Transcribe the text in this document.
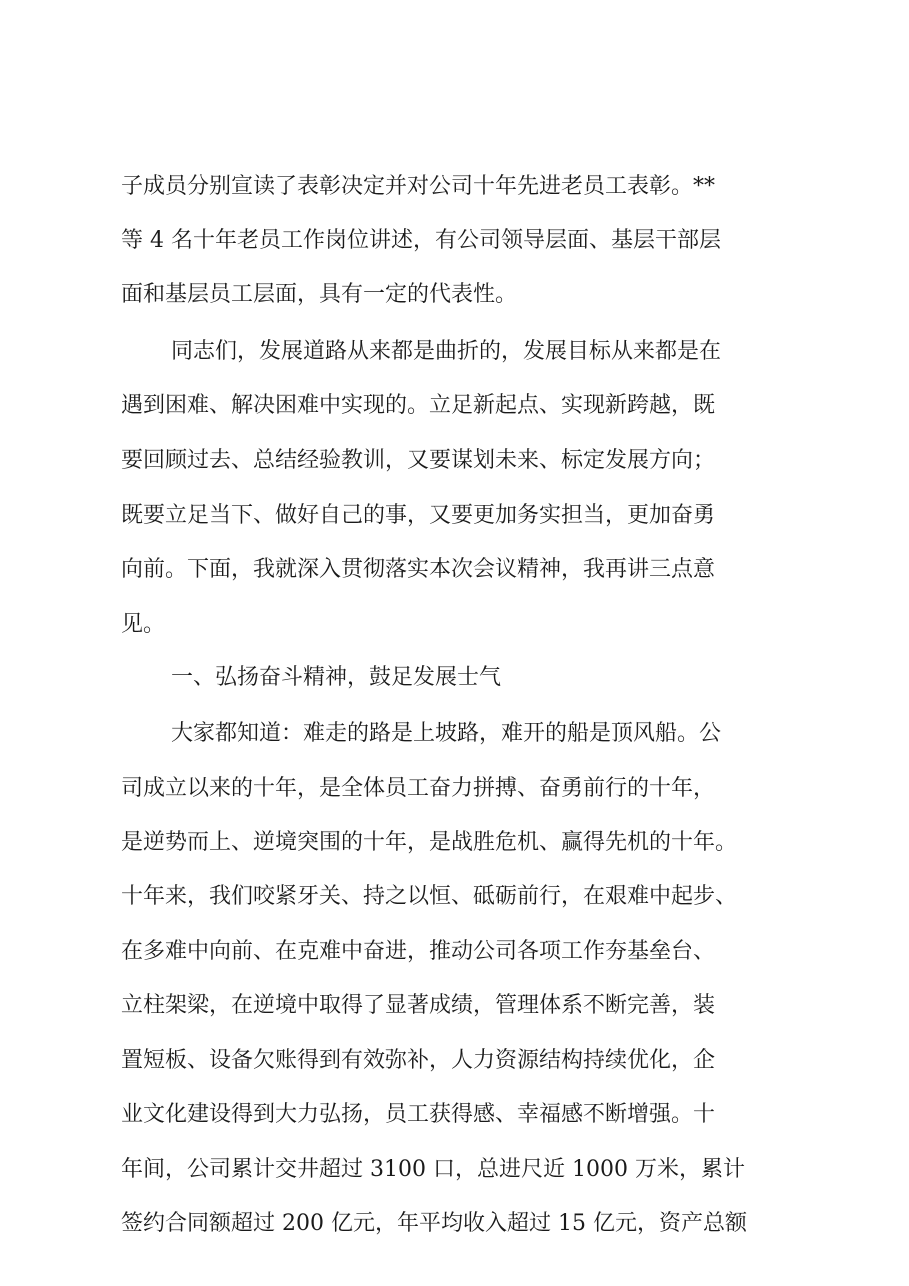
子成员分别宣读了表彰决定并对公司十年先进老员工表彰。**
等 4 名十年老员工作岗位讲述，有公司领导层面、基层干部层
面和基层员工层面，具有一定的代表性。
同志们，发展道路从来都是曲折的，发展目标从来都是在
遇到困难、解决困难中实现的。立足新起点、实现新跨越，既
要回顾过去、总结经验教训，又要谋划未来、标定发展方向；
既要立足当下、做好自己的事，又要更加务实担当，更加奋勇
向前。下面，我就深入贯彻落实本次会议精神，我再讲三点意
见。
一、弘扬奋斗精神，鼓足发展士气
大家都知道：难走的路是上坡路，难开的船是顶风船。公
司成立以来的十年，是全体员工奋力拼搏、奋勇前行的十年，
是逆势而上、逆境突围的十年，是战胜危机、赢得先机的十年。
十年来，我们咬紧牙关、持之以恒、砥砺前行，在艰难中起步、
在多难中向前、在克难中奋进，推动公司各项工作夯基垒台、
立柱架梁，在逆境中取得了显著成绩，管理体系不断完善，装
置短板、设备欠账得到有效弥补，人力资源结构持续优化，企
业文化建设得到大力弘扬，员工获得感、幸福感不断增强。十
年间，公司累计交井超过 3100 口，总进尺近 1000 万米，累计
签约合同额超过 200 亿元，年平均收入超过 15 亿元，资产总额
